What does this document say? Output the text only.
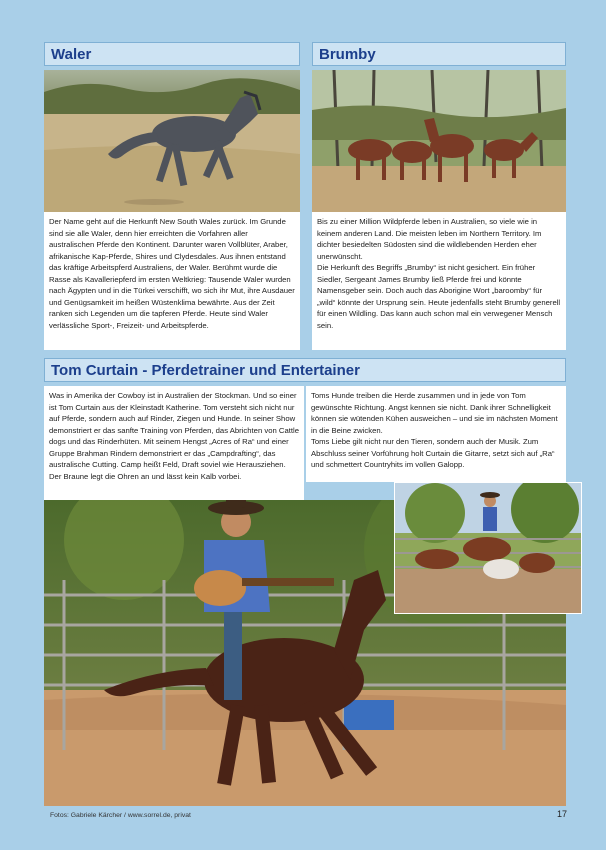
Waler	Brumby

Der Name geht auf die Herkunft New South Wales zurück. Im Grunde sind sie alle Waler, denn hier erreichten die Vorfahren aller australischen Pferde den Kontinent. Darunter waren Vollblüter, Araber, afrikanische Kap-Pferde, Shires und Clydesdales. Aus ihnen entstand das kräftige Arbeitspferd Australiens, der Waler. Berühmt wurde die Rasse als Kavalleriepferd im ersten Weltkrieg: Tausende Waler wurden nach Ägypten und in die Türkei verschifft, wo sich ihr Mut, ihre Ausdauer und Genügsamkeit im heißen Wüstenklima bewährte. Aus der Zeit ranken sich Legenden um die tapferen Pferde. Heute sind Waler verlässliche Sport-, Freizeit- und Arbeitspferde.

Bis zu einer Million Wildpferde leben in Australien, so viele wie in keinem anderen Land. Die meisten leben im Northern Territory. Im dichter besiedelten Südosten sind die wildlebenden Herden eher unerwünscht.

Die Herkunft des Begriffs „Brumby“ ist nicht gesichert. Ein früher Siedler, Sergeant James Brumby ließ Pferde frei und könnte Namensgeber sein. Doch auch das Aborigine Wort „baroomby“ für „wild“ könnte der Ursprung sein. Heute jedenfalls steht Brumby generell für einen Wildling. Das kann auch schon mal ein verwegener Mensch sein.

Tom Curtain - Pferdetrainer und Entertainer

Was in Amerika der Cowboy ist in Australien der Stockman. Und so einer ist Tom Curtain aus der Kleinstadt Katherine. Tom versteht sich nicht nur auf Pferde, sondern auch auf Rinder, Ziegen und Hunde. In seiner Show demonstriert er das sanfte Training von Pferden, das Abrichten von Cattle dogs und das Rinderhüten. Mit seinem Hengst „Acres of Ra“ und einer Gruppe Brahman Rindern demonstriert er das „Campdrafting“, das australische Cutting. Camp heißt Feld, Draft soviel wie Herausziehen. Der Braune legt die Ohren an und lässt kein Kalb vorbei.

Toms Hunde treiben die Herde zusammen und in jede von Tom gewünschte Richtung. Angst kennen sie nicht. Dank ihrer Schnelligkeit können sie wütenden Kühen ausweichen – und sie im nächsten Moment in die Beine zwicken.

Toms Liebe gilt nicht nur den Tieren, sondern auch der Musik. Zum Abschluss seiner Vorführung holt Curtain die Gitarre, setzt sich auf „Ra“ und schmettert Countryhits im vollen Galopp.

Fotos: Gabriele Kärcher / www.sorrel.de, privat	17
